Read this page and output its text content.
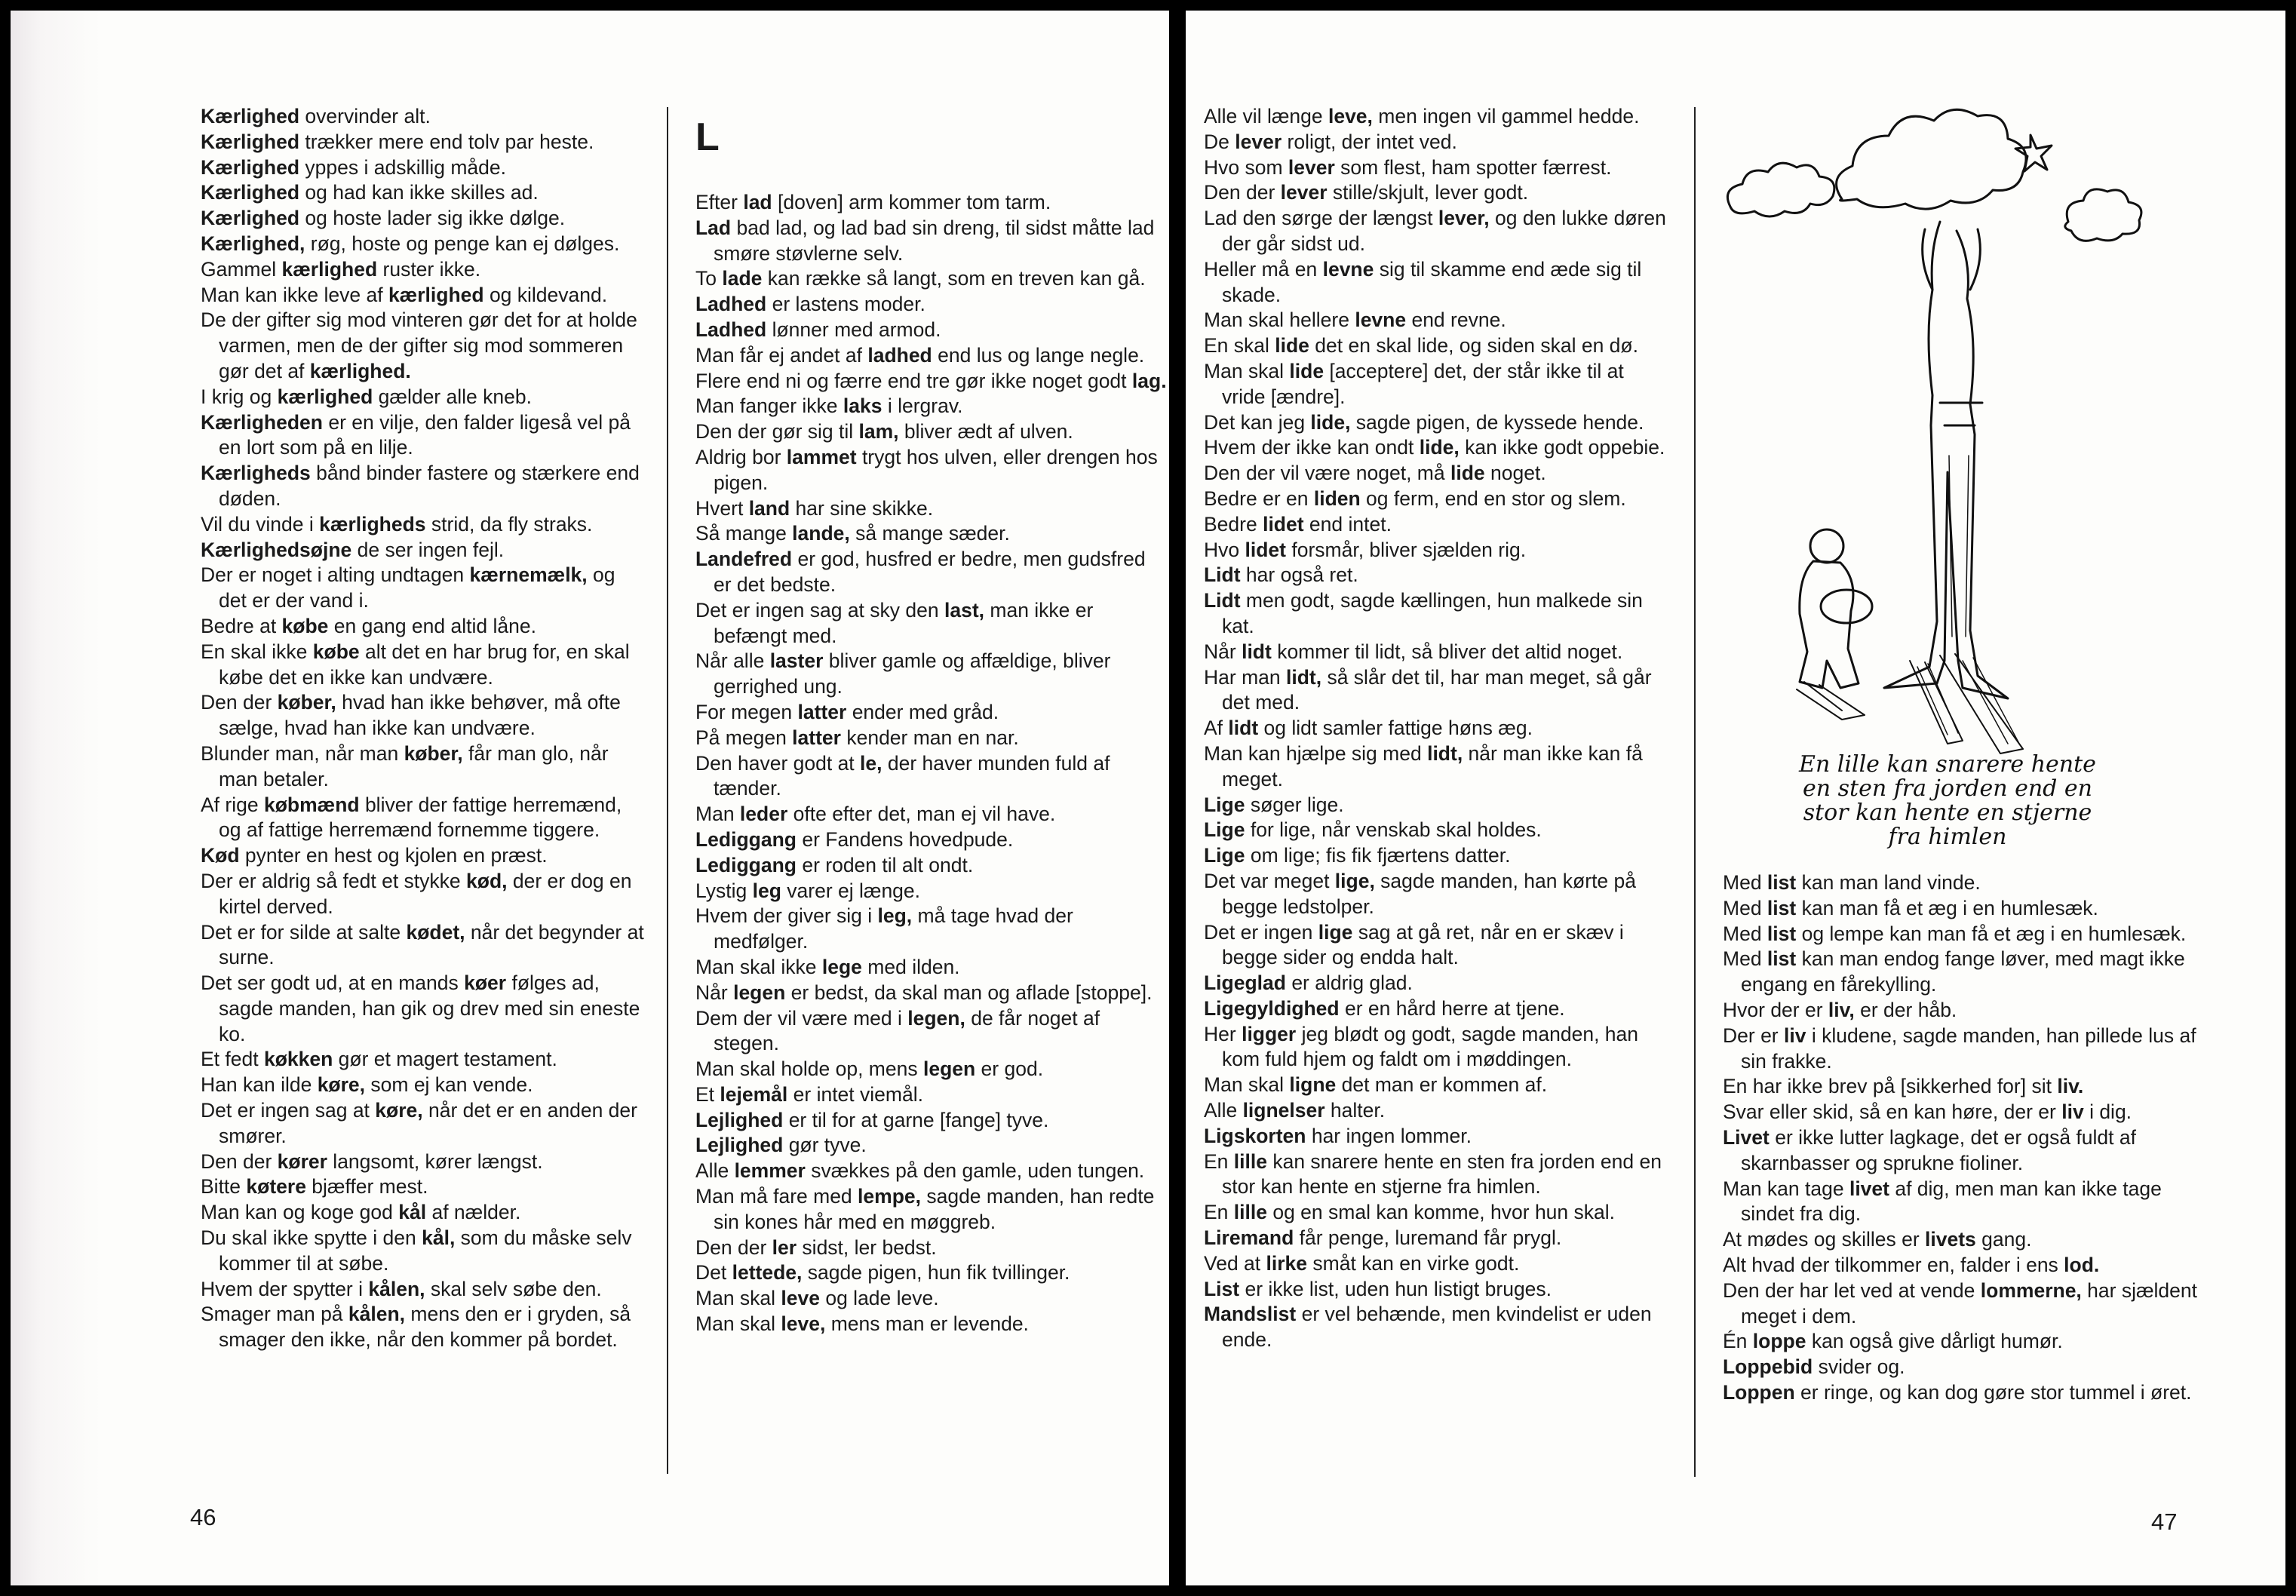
Kærlighed overvinder alt.

Kærlighed trækker mere end tolv par heste.

Kærlighed yppes i adskillig måde.

Kærlighed og had kan ikke skilles ad.

Kærlighed og hoste lader sig ikke dølge.

Kærlighed, røg, hoste og penge kan ej dølges.

Gammel kærlighed ruster ikke.

Man kan ikke leve af kærlighed og kildevand.

De der gifter sig mod vinteren gør det for at holde varmen, men de der gifter sig mod sommeren gør det af kærlighed.

I krig og kærlighed gælder alle kneb.

Kærligheden er en vilje, den falder ligeså vel på en lort som på en lilje.

Kærligheds bånd binder fastere og stærkere end døden.

Vil du vinde i kærligheds strid, da fly straks.

Kærlighedsøjne de ser ingen fejl.

Der er noget i alting undtagen kærnemælk, og det er der vand i.

Bedre at købe en gang end altid låne.

En skal ikke købe alt det en har brug for, en skal købe det en ikke kan undvære.

Den der køber, hvad han ikke behøver, må ofte sælge, hvad han ikke kan undvære.

Blunder man, når man køber, får man glo, når man betaler.

Af rige købmænd bliver der fattige herremænd, og af fattige herremænd fornemme tiggere.

Kød pynter en hest og kjolen en præst.

Der er aldrig så fedt et stykke kød, der er dog en kirtel derved.

Det er for silde at salte kødet, når det begynder at surne.

Det ser godt ud, at en mands køer følges ad, sagde manden, han gik og drev med sin eneste ko.

Et fedt køkken gør et magert testament.

Han kan ilde køre, som ej kan vende.

Det er ingen sag at køre, når det er en anden der smører.

Den der kører langsomt, kører længst.

Bitte køtere bjæffer mest.

Man kan og koge god kål af nælder.

Du skal ikke spytte i den kål, som du måske selv kommer til at søbe.

Hvem der spytter i kålen, skal selv søbe den.

Smager man på kålen, mens den er i gryden, så smager den ikke, når den kommer på bordet.

L

Efter lad [doven] arm kommer tom tarm.

Lad bad lad, og lad bad sin dreng, til sidst måtte lad smøre støvlerne selv.

To lade kan række så langt, som en treven kan gå.

Ladhed er lastens moder.

Ladhed lønner med armod.

Man får ej andet af ladhed end lus og lange negle.

Flere end ni og færre end tre gør ikke noget godt lag.

Man fanger ikke laks i lergrav.

Den der gør sig til lam, bliver ædt af ulven.

Aldrig bor lammet trygt hos ulven, eller drengen hos pigen.

Hvert land har sine skikke.

Så mange lande, så mange sæder.

Landefred er god, husfred er bedre, men gudsfred er det bedste.

Det er ingen sag at sky den last, man ikke er befængt med.

Når alle laster bliver gamle og affældige, bliver gerrighed ung.

For megen latter ender med gråd.

På megen latter kender man en nar.

Den haver godt at le, der haver munden fuld af tænder.

Man leder ofte efter det, man ej vil have.

Lediggang er Fandens hovedpude.

Lediggang er roden til alt ondt.

Lystig leg varer ej længe.

Hvem der giver sig i leg, må tage hvad der medfølger.

Man skal ikke lege med ilden.

Når legen er bedst, da skal man og aflade [stoppe].

Dem der vil være med i legen, de får noget af stegen.

Man skal holde op, mens legen er god.

Et lejemål er intet viemål.

Lejlighed er til for at garne [fange] tyve.

Lejlighed gør tyve.

Alle lemmer svækkes på den gamle, uden tungen.

Man må fare med lempe, sagde manden, han redte sin kones hår med en møggreb.

Den der ler sidst, ler bedst.

Det lettede, sagde pigen, hun fik tvillinger.

Man skal leve og lade leve.

Man skal leve, mens man er levende.

46

Alle vil længe leve, men ingen vil gammel hedde.

De lever roligt, der intet ved.

Hvo som lever som flest, ham spotter færrest.

Den der lever stille/skjult, lever godt.

Lad den sørge der længst lever, og den lukke døren der går sidst ud.

Heller må en levne sig til skamme end æde sig til skade.

Man skal hellere levne end revne.

En skal lide det en skal lide, og siden skal en dø.

Man skal lide [acceptere] det, der står ikke til at vride [ændre].

Det kan jeg lide, sagde pigen, de kyssede hende.

Hvem der ikke kan ondt lide, kan ikke godt oppebie.

Den der vil være noget, må lide noget.

Bedre er en liden og ferm, end en stor og slem.

Bedre lidet end intet.

Hvo lidet forsmår, bliver sjælden rig.

Lidt har også ret.

Lidt men godt, sagde kællingen, hun malkede sin kat.

Når lidt kommer til lidt, så bliver det altid noget.

Har man lidt, så slår det til, har man meget, så går det med.

Af lidt og lidt samler fattige høns æg.

Man kan hjælpe sig med lidt, når man ikke kan få meget.

Lige søger lige.

Lige for lige, når venskab skal holdes.

Lige om lige; fis fik fjærtens datter.

Det var meget lige, sagde manden, han kørte på begge ledstolper.

Det er ingen lige sag at gå ret, når en er skæv i begge sider og endda halt.

Ligeglad er aldrig glad.

Ligegyldighed er en hård herre at tjene.

Her ligger jeg blødt og godt, sagde manden, han kom fuld hjem og faldt om i møddingen.

Man skal ligne det man er kommen af.

Alle lignelser halter.

Ligskorten har ingen lommer.

En lille kan snarere hente en sten fra jorden end en stor kan hente en stjerne fra himlen.

En lille og en smal kan komme, hvor hun skal.

Liremand får penge, luremand får prygl.

Ved at lirke småt kan en virke godt.

List er ikke list, uden hun listigt bruges.

Mandslist er vel behænde, men kvindelist er uden ende.

En lille kan snarere hente
en sten fra jorden end en
stor kan hente en stjerne
fra himlen

Med list kan man land vinde.

Med list kan man få et æg i en humlesæk.

Med list og lempe kan man få et æg i en humlesæk.

Med list kan man endog fange løver, med magt ikke engang en fårekylling.

Hvor der er liv, er der håb.

Der er liv i kludene, sagde manden, han pillede lus af sin frakke.

En har ikke brev på [sikkerhed for] sit liv.

Svar eller skid, så en kan høre, der er liv i dig.

Livet er ikke lutter lagkage, det er også fuldt af skarnbasser og sprukne fioliner.

Man kan tage livet af dig, men man kan ikke tage sindet fra dig.

At mødes og skilles er livets gang.

Alt hvad der tilkommer en, falder i ens lod.

Den der har let ved at vende lommerne, har sjældent meget i dem.

Én loppe kan også give dårligt humør.

Loppebid svider og.

Loppen er ringe, og kan dog gøre stor tummel i øret.

47
